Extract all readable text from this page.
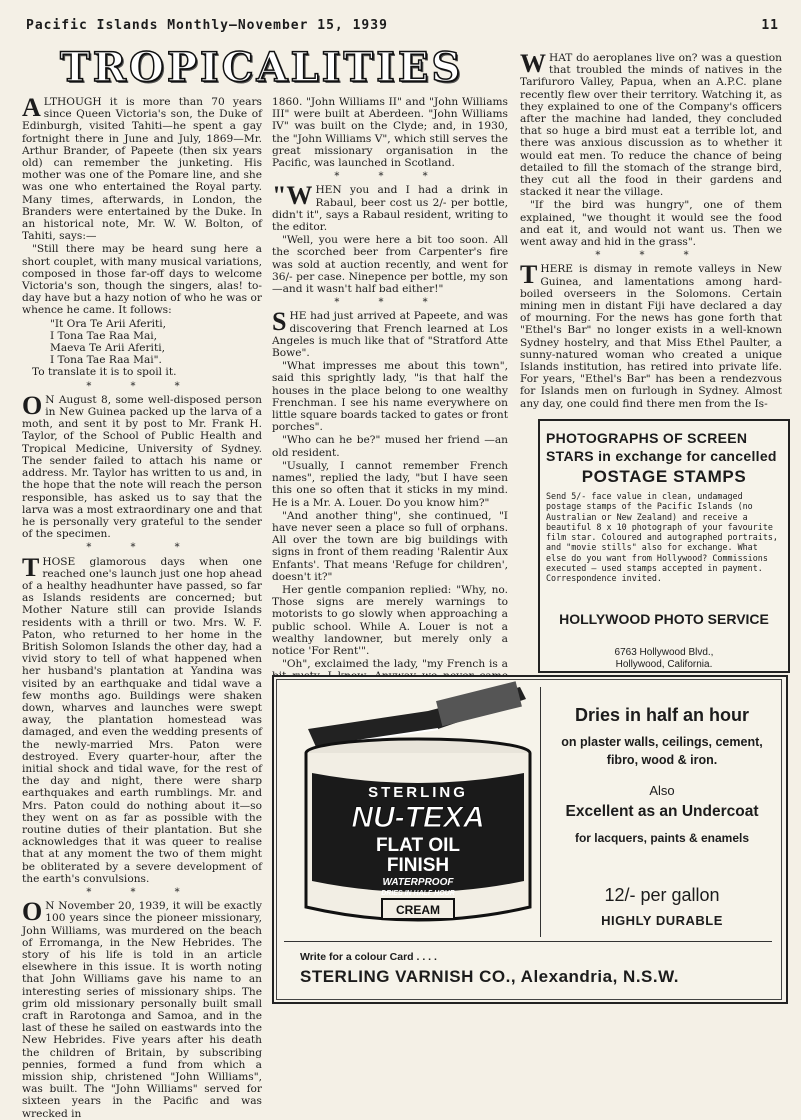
Pacific Islands Monthly—November 15, 1939	11
TROPICALITIES

ALTHOUGH it is more than 70 years since Queen Victoria's son, the Duke of Edinburgh, visited Tahiti—he spent a gay fortnight there in June and July, 1869—Mr. Arthur Brander, of Papeete (then six years old) can remember the junketing. His mother was one of the Pomare line, and she was one who entertained the Royal party. Many times, afterwards, in London, the Branders were entertained by the Duke. In an historical note, Mr. W. W. Bolton, of Tahiti, says:—

"Still there may be heard sung here a short couplet, with many musical variations, composed in those far-off days to welcome Victoria's son, though the singers, alas! to-day have but a hazy notion of who he was or whence he came. It follows:

"It Ora Te Arii Aferiti,

I Tona Tae Raa Mai,

Maeva Te Arii Aferiti,

I Tona Tae Raa Mai".

To translate it is to spoil it.

* * *

O N August 8, some well-disposed person in New Guinea packed up the larva of a moth, and sent it by post to Mr. Frank H. Taylor, of the School of Public Health and Tropical Medicine, University of Sydney. The sender failed to attach his name or address. Mr. Taylor has written to us and, in the hope that the note will reach the person responsible, has asked us to say that the larva was a most extraordinary one and that he is personally very grateful to the sender of the specimen.

* * *

THOSE glamorous days when one reached one's launch just one hop ahead of a healthy headhunter have passed, so far as Islands residents are concerned; but Mother Nature still can provide Islands residents with a thrill or two. Mrs. W. F. Paton, who returned to her home in the British Solomon Islands the other day, had a vivid story to tell of what happened when her husband's plantation at Yandina was visited by an earthquake and tidal wave a few months ago. Buildings were shaken down, wharves and launches were swept away, the plantation homestead was damaged, and even the wedding presents of the newly-married Mrs. Paton were destroyed. Every quarter-hour, after the initial shock and tidal wave, for the rest of the day and night, there were sharp earthquakes and earth rumblings. Mr. and Mrs. Paton could do nothing about it—so they went on as far as possible with the routine duties of their plantation. But she acknowledges that it was queer to realise that at any moment the two of them might be obliterated by a severe development of the earth's convulsions.

* * *

O N November 20, 1939, it will be exactly 100 years since the pioneer missionary, John Williams, was murdered on the beach of Erromanga, in the New Hebrides. The story of his life is told in an article elsewhere in this issue. It is worth noting that John Williams gave his name to an interesting series of missionary ships. The grim old missionary personally built small craft in Rarotonga and Samoa, and in the last of these he sailed on eastwards into the New Hebrides. Five years after his death the children of Britain, by subscribing pennies, formed a fund from which a mission ship, christened "John Williams", was built. The "John Williams" served for sixteen years in the Pacific and was wrecked in

1860. "John Williams II" and "John Williams III" were built at Aberdeen. "John Williams IV" was built on the Clyde; and, in 1930, the "John Williams V", which still serves the great missionary organisation in the Pacific, was launched in Scotland.

* * *

"WHEN you and I had a drink in Rabaul, beer cost us 2/- per bottle, didn't it", says a Rabaul resident, writing to the editor.

"Well, you were here a bit too soon. All the scorched beer from Carpenter's fire was sold at auction recently, and went for 36/- per case. Ninepence per bottle, my son—and it wasn't half bad either!"

* * *

SHE had just arrived at Papeete, and was discovering that French learned at Los Angeles is much like that of "Stratford Atte Bowe".

"What impresses me about this town", said this sprightly lady, "is that half the houses in the place belong to one wealthy Frenchman. I see his name everywhere on little square boards tacked to gates or front porches".

"Who can he be?" mused her friend —an old resident.

"Usually, I cannot remember French names", replied the lady, "but I have seen this one so often that it sticks in my mind. He is a Mr. A. Louer. Do you know him?"

"And another thing", she continued, "I have never seen a place so full of orphans. All over the town are big buildings with signs in front of them reading 'Ralentir Aux Enfants'. That means 'Refuge for children', doesn't it?"

Her gentle companion replied: "Why, no. Those signs are merely warnings to motorists to go slowly when approaching a public school. While A. Louer is not a wealthy landowner, but merely only a notice 'For Rent'".

"Oh", exclaimed the lady, "my French is a

WHAT do aeroplanes live on? was a question that troubled the minds of natives in the Tarifuroro Valley, Papua, when an A.P.C. plane recently flew over their territory. Watching it, as they explained to one of the Company's officers after the machine had landed, they concluded that so huge a bird must eat a terrible lot, and there was anxious discussion as to whether it would eat men. To reduce the chance of being detailed to fill the stomach of the strange bird, they cut all the food in their gardens and stacked it near the village.

"If the bird was hungry", one of them explained, "we thought it would see the food and eat it, and would not want us. Then we went away and hid in the grass".

* * *

THERE is dismay in remote valleys in New Guinea, and lamentations among hard-boiled overseers in the Solomons. Certain mining men in distant Fiji have declared a day of mourning. For the news has gone forth that "Ethel's Bar" no longer exists in a well-known Sydney hostelry, and that Miss Ethel Paulter, a sunny-natured woman who created a unique Islands institution, has retired into private life. For years, "Ethel's Bar" has been a rendezvous for Islands men on furlough in Sydney. Almost any day, one could find there men from the Is-

PHOTOGRAPHS OF SCREEN STARS in exchange for cancelled
POSTAGE STAMPS
Send 5/- face value in clean, undamaged postage stamps of the Pacific Islands (no Australian or New Zealand) and receive a beautiful 8 x 10 photograph of your favourite film star. Coloured and autographed portraits, and "movie stills" also for exchange. What else do you want from Hollywood? Commissions executed — used stamps accepted in payment. Correspondence invited.
HOLLYWOOD PHOTO SERVICE
6763 Hollywood Blvd.,
Hollywood, California.
STERLING
NU-TEXA
FLAT OIL
FINISH
WATERPROOF
DRIES IN HALF HOUR
CREAM
Dries in half an hour
on plaster walls, ceilings, cement, fibro, wood & iron.
Also
Excellent as an Undercoat
for lacquers, paints & enamels
12/- per gallon
HIGHLY DURABLE
Write for a colour Card . . . .
STERLING VARNISH CO., Alexandria, N.S.W.
